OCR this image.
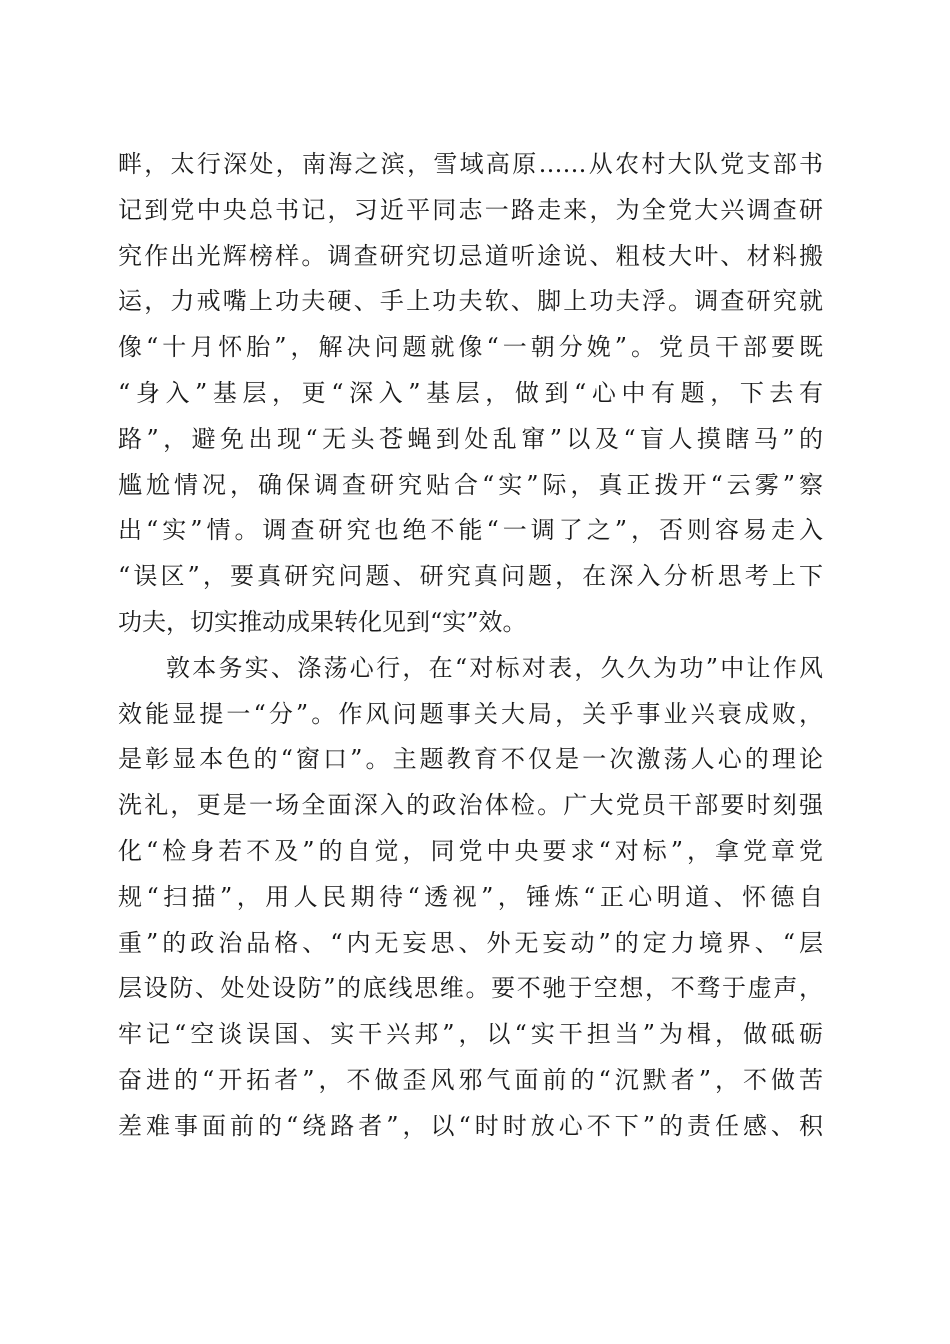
畔，太行深处，南海之滨，雪域高原……从农村大队党支部书
记到党中央总书记，习近平同志一路走来，为全党大兴调查研
究作出光辉榜样。调查研究切忌道听途说、粗枝大叶、材料搬
运，力戒嘴上功夫硬、手上功夫软、脚上功夫浮。调查研究就
像“十月怀胎”，解决问题就像“一朝分娩”。党员干部要既
“身入”基层，更“深入”基层，做到“心中有题，下去有
路”，避免出现“无头苍蝇到处乱窜”以及“盲人摸瞎马”的
尴尬情况，确保调查研究贴合“实”际，真正拨开“云雾”察
出“实”情。调查研究也绝不能“一调了之”，否则容易走入
“误区”，要真研究问题、研究真问题，在深入分析思考上下
功夫，切实推动成果转化见到“实”效。

敦本务实、涤荡心行，在“对标对表，久久为功”中让作风
效能显提一“分”。作风问题事关大局，关乎事业兴衰成败，
是彰显本色的“窗口”。主题教育不仅是一次激荡人心的理论
洗礼，更是一场全面深入的政治体检。广大党员干部要时刻强
化“检身若不及”的自觉，同党中央要求“对标”，拿党章党
规“扫描”，用人民期待“透视”，锤炼“正心明道、怀德自
重”的政治品格、“内无妄思、外无妄动”的定力境界、“层
层设防、处处设防”的底线思维。要不驰于空想，不骛于虚声，
牢记“空谈误国、实干兴邦”，以“实干担当”为楫，做砥砺
奋进的“开拓者”，不做歪风邪气面前的“沉默者”，不做苦
差难事面前的“绕路者”，以“时时放心不下”的责任感、积
